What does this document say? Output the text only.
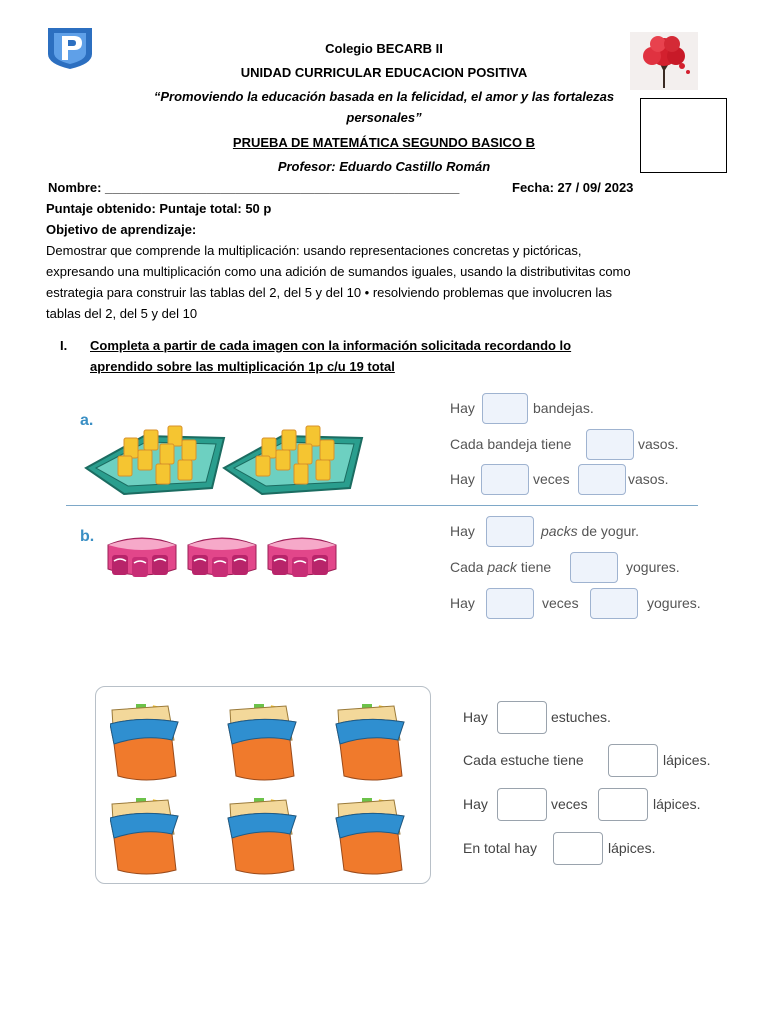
Colegio BECARB II
UNIDAD CURRICULAR EDUCACION POSITIVA
“Promoviendo la educación basada en la felicidad, el amor y las fortalezas
personales”
PRUEBA DE MATEMÁTICA SEGUNDO BASICO B
Profesor: Eduardo Castillo Román
Nombre: _________________________________________________	Fecha: 27 / 09/ 2023
Puntaje obtenido: Puntaje total: 50 p
Objetivo de aprendizaje:
Demostrar que comprende la multiplicación: usando representaciones concretas y pictóricas,
expresando una multiplicación como una adición de sumandos iguales, usando la distributivitas como
estrategia para construir las tablas del 2, del 5 y del 10 • resolviendo problemas que involucren las
tablas del 2, del 5 y del 10
I. Completa a partir de cada imagen con la información solicitada recordando lo
aprendido sobre las multiplicación 1p c/u 19 total
a.
Hay	bandejas.
Cada bandeja tiene	vasos.
Hay	veces	vasos.
b.	Hay	packs de yogur.
Cada pack tiene	yogures.
Hay	veces	yogures.
Hay	estuches.
Cada estuche tiene	lápices.
Hay	veces	lápices.
En total hay	lápices.
